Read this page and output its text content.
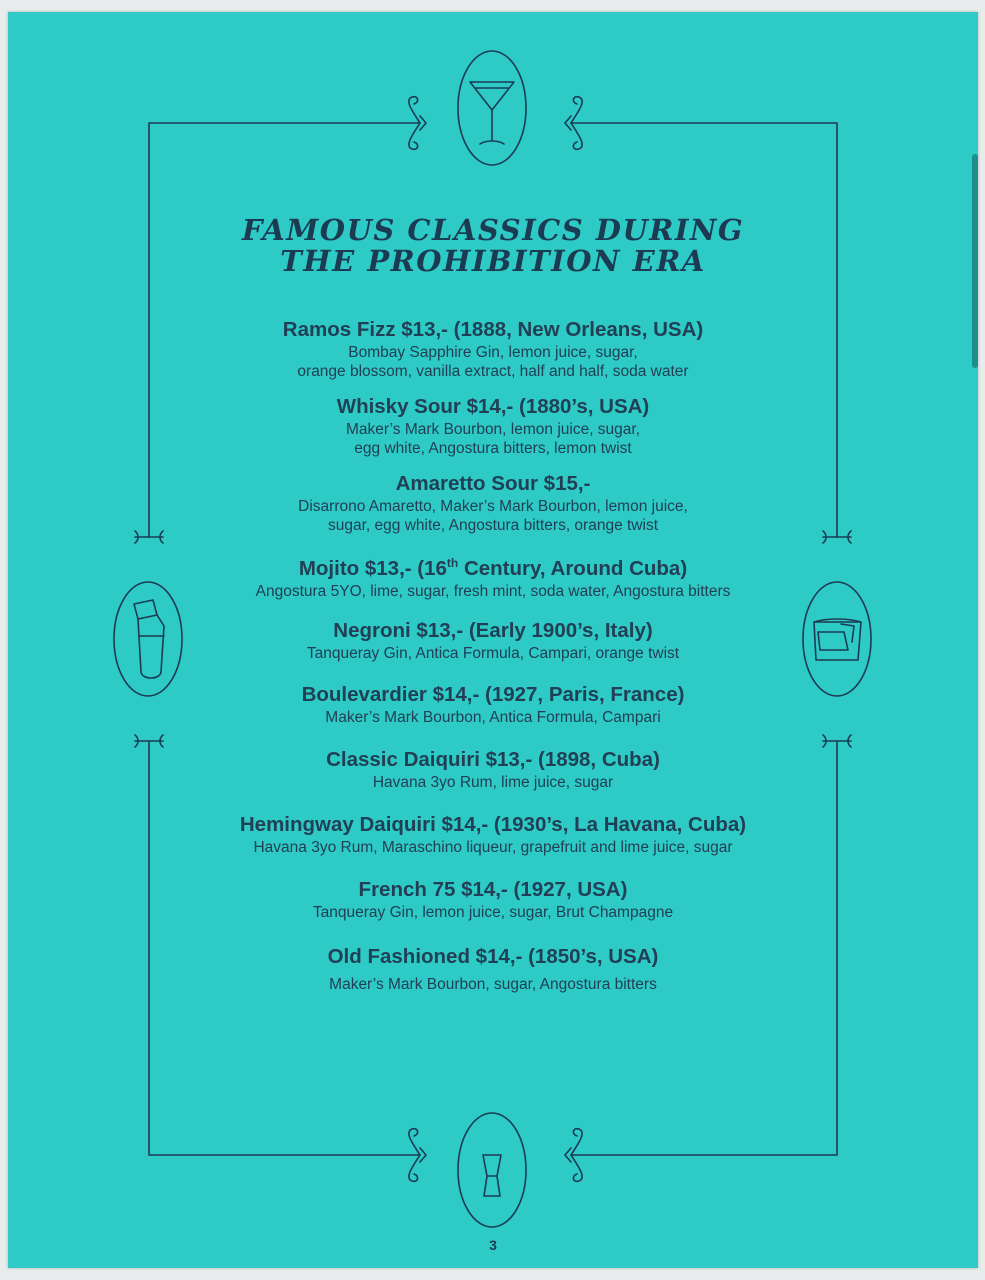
FAMOUS CLASSICS DURING
THE PROHIBITION ERA

Ramos Fizz $13,- (1888, New Orleans, USA)

Bombay Sapphire Gin, lemon juice, sugar,
orange blossom, vanilla extract, half and half, soda water

Whisky Sour $14,- (1880’s, USA)

Maker’s Mark Bourbon, lemon juice, sugar,
egg white, Angostura bitters, lemon twist

Amaretto Sour $15,-

Disarrono Amaretto, Maker’s Mark Bourbon, lemon juice,
sugar, egg white, Angostura bitters, orange twist

Mojito $13,- (16th Century, Around Cuba)

Angostura 5YO, lime, sugar, fresh mint, soda water, Angostura bitters

Negroni $13,- (Early 1900’s, Italy)

Tanqueray Gin, Antica Formula, Campari, orange twist

Boulevardier $14,- (1927, Paris, France)

Maker’s Mark Bourbon, Antica Formula, Campari

Classic Daiquiri $13,- (1898, Cuba)

Havana 3yo Rum, lime juice, sugar

Hemingway Daiquiri $14,- (1930’s, La Havana, Cuba)

Havana 3yo Rum, Maraschino liqueur, grapefruit and lime juice, sugar

French 75 $14,- (1927, USA)

Tanqueray Gin, lemon juice, sugar, Brut Champagne

Old Fashioned $14,- (1850’s, USA)

Maker’s Mark Bourbon, sugar, Angostura bitters

3
